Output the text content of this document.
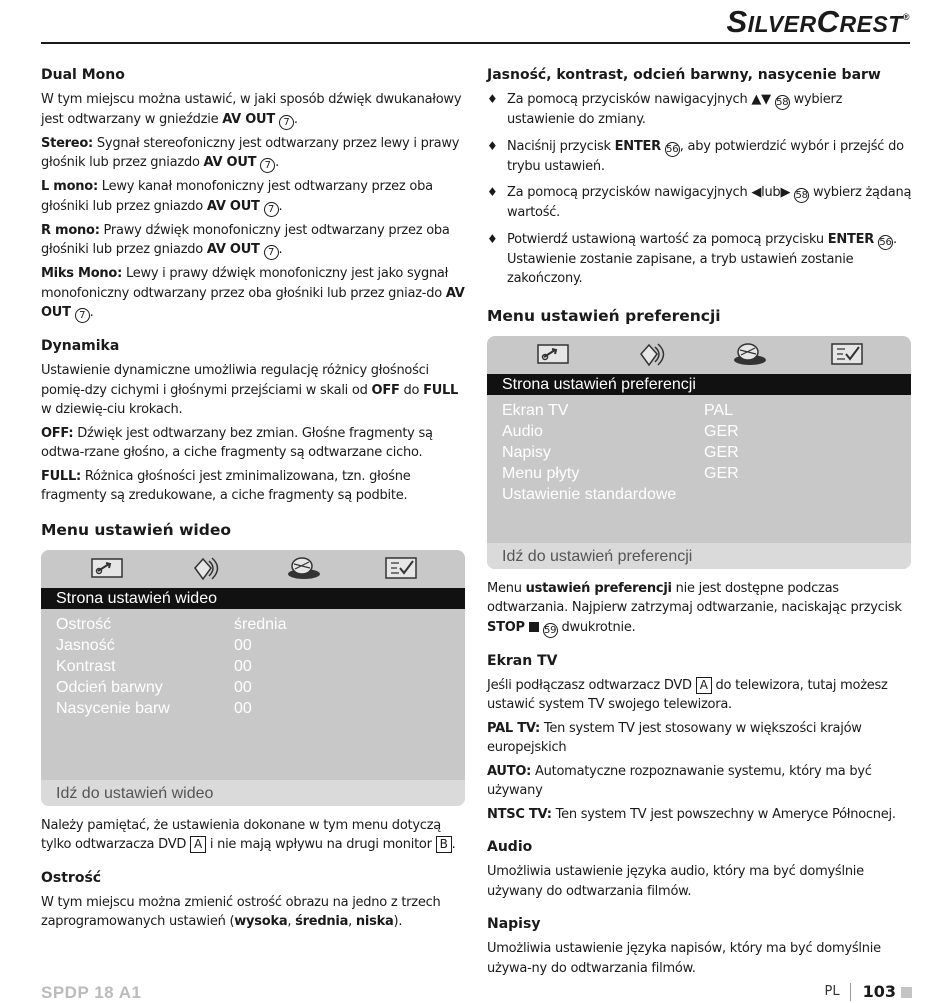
SILVERCREST®
Dual Mono

W tym miejscu można ustawić, w jaki sposób dźwięk dwukanałowy jest odtwarzany w gnieździe AV OUT 7 .

Stereo: Sygnał stereofoniczny jest odtwarzany przez lewy i prawy głośnik lub przez gniazdo AV OUT 7 .

L mono: Lewy kanał monofoniczny jest odtwarzany przez oba głośniki lub przez gniazdo AV OUT 7 .

R mono: Prawy dźwięk monofoniczny jest odtwarzany przez oba głośniki lub przez gniazdo AV OUT 7 .

Miks Mono: Lewy i prawy dźwięk monofoniczny jest jako sygnał monofoniczny odtwarzany przez oba głośniki lub przez gniaz-do AV OUT 7 .

Dynamika

Ustawienie dynamiczne umożliwia regulację różnicy głośności pomię-dzy cichymi i głośnymi przejściami w skali od OFF do FULL w dziewię-ciu krokach.

OFF: Dźwięk jest odtwarzany bez zmian. Głośne fragmenty są odtwa-rzane głośno, a ciche fragmenty są odtwarzane cicho.

FULL: Różnica głośności jest zminimalizowana, tzn. głośne fragmenty są zredukowane, a ciche fragmenty są podbite.

Menu ustawień wideo
Strona ustawień wideo
Ostrość	średnia
Jasność	00
Kontrast	00
Odcień barwny	00
Nasycenie barw	00
Idź do ustawień wideo

Należy pamiętać, że ustawienia dokonane w tym menu dotyczą tylko odtwarzacza DVD A i nie mają wpływu na drugi monitor B .

Ostrość

W tym miejscu można zmienić ostrość obrazu na jedno z trzech zaprogramowanych ustawień (wysoka, średnia, niska).

Jasność, kontrast, odcień barwny, nasycenie barw
♦ Za pomocą przycisków nawigacyjnych ▲▼ 58 wybierz ustawienie do zmiany.
♦ Naciśnij przycisk ENTER 56, aby potwierdzić wybór i przejść do trybu ustawień.
♦ Za pomocą przycisków nawigacyjnych ◀lub▶ 58 wybierz żądaną wartość.
♦ Potwierdź ustawioną wartość za pomocą przycisku ENTER 56. Ustawienie zostanie zapisane, a tryb ustawień zostanie zakończony.
Menu ustawień preferencji
Strona ustawień preferencji
Ekran TV	PAL
Audio	GER
Napisy	GER
Menu płyty	GER
Ustawienie standardowe
Idź do ustawień preferencji

Menu ustawień preferencji nie jest dostępne podczas odtwarzania. Najpierw zatrzymaj odtwarzanie, naciskając przycisk STOP 59 dwukrotnie.

Ekran TV

Jeśli podłączasz odtwarzacz DVD A do telewizora, tutaj możesz ustawić system TV swojego telewizora.

PAL TV: Ten system TV jest stosowany w większości krajów europejskich

AUTO: Automatyczne rozpoznawanie systemu, który ma być używany

NTSC TV: Ten system TV jest powszechny w Ameryce Północnej.

Audio

Umożliwia ustawienie języka audio, który ma być domyślnie używany do odtwarzania filmów.

Napisy

Umożliwia ustawienie języka napisów, który ma być domyślnie używa-ny do odtwarzania filmów.

SPDP 18 A1	PL	103
